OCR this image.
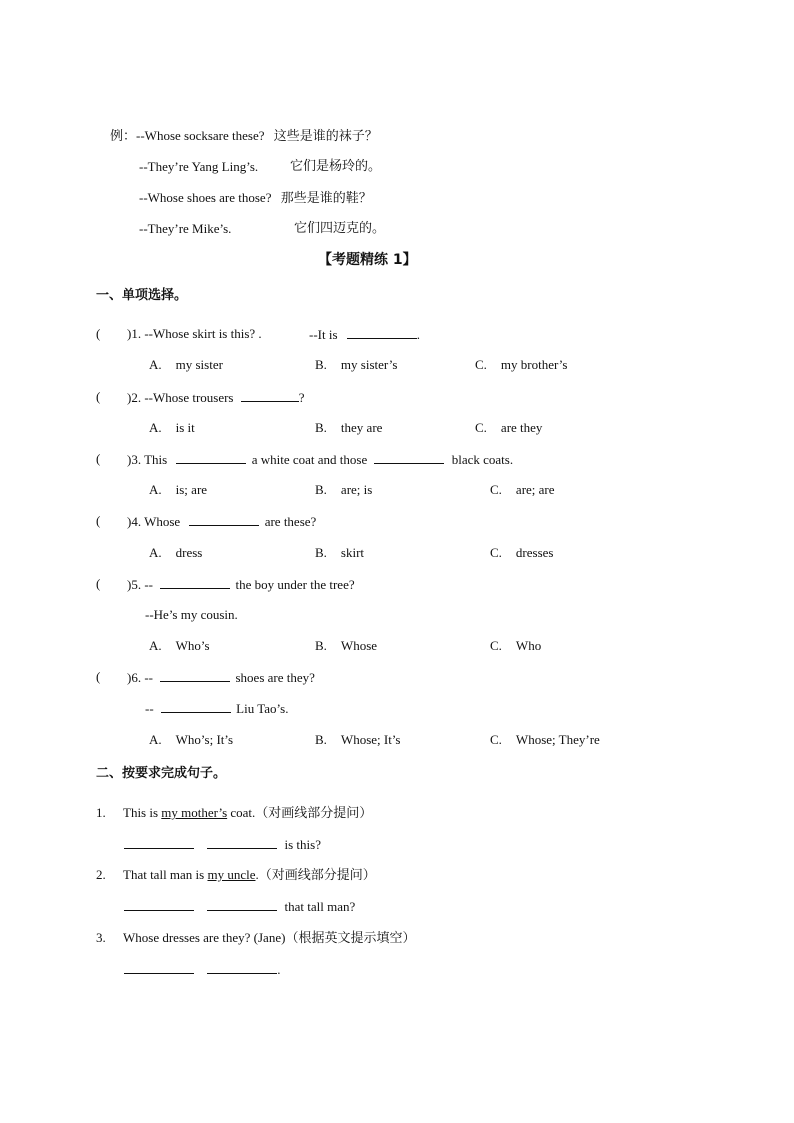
例：--Whose socksare these? 这些是谁的袜子？
--They’re Yang Ling’s. 它们是杨玲的。
--Whose shoes are those? 那些是谁的鞋？
--They’re Mike’s.	它们四迈克的。
【考题精练 1】
一、单项选择。
( )1. --Whose skirt is this? .	--It is	.
A. my sister	B. my sister’s	C. my brother’s
( )2. --Whose trousers	?
A. is it	B. they are	C. are they
( )3. This	a white coat and those	black coats.
A. is; are	B. are; is	C. are; are
( )4. Whose	are these?
A. dress	B. skirt	C. dresses
( )5. --	the boy under the tree?
--He’s my cousin.
A. Who’s	B. Whose	C. Who
( )6. --	shoes are they?
--	Liu Tao’s.
A. Who’s; It’s	B. Whose; It’s	C. Whose; They’re
二、按要求完成句子。
1. This is my mother’s coat.（对画线部分提问）
is this?
2. That tall man is my uncle.（对画线部分提问）
that tall man?
3. Whose dresses are they? (Jane)（根据英文提示填空）
.
